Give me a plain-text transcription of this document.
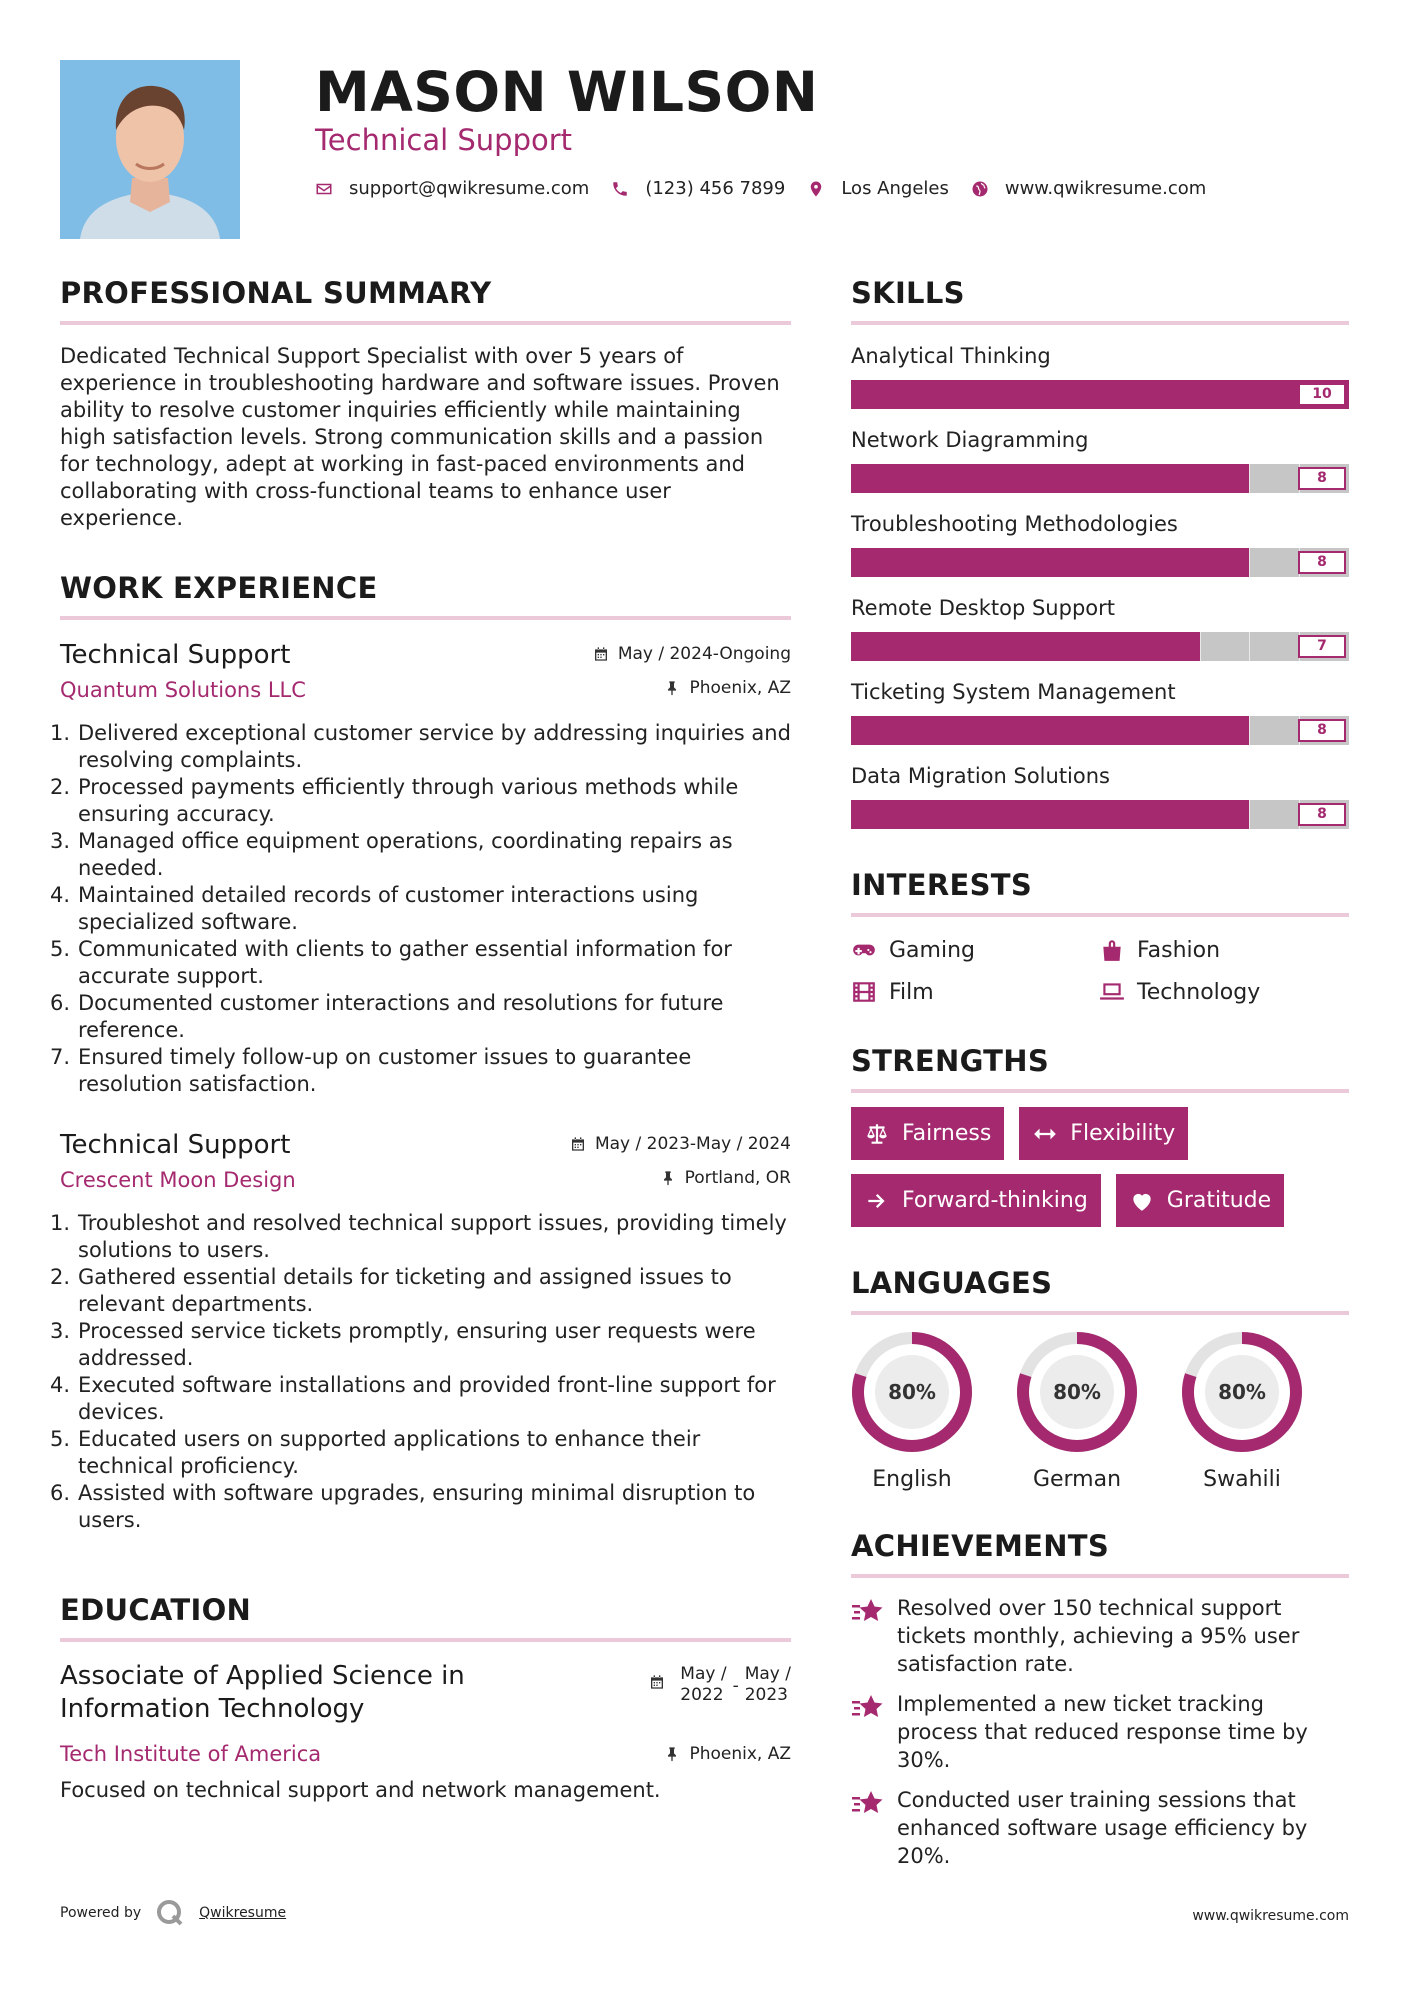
MASON WILSON
Technical Support
support@qwikresume.com	(123) 456 7899	Los Angeles	www.qwikresume.com
PROFESSIONAL SUMMARY

Dedicated Technical Support Specialist with over 5 years of experience in troubleshooting hardware and software issues. Proven ability to resolve customer inquiries efficiently while maintaining high satisfaction levels. Strong communication skills and a passion for technology, adept at working in fast-paced environments and collaborating with cross-functional teams to enhance user experience.

WORK EXPERIENCE
Technical Support
Quantum Solutions LLC
May / 2024-Ongoing
Phoenix, AZ
1. Delivered exceptional customer service by addressing inquiries and resolving complaints.
2. Processed payments efficiently through various methods while ensuring accuracy.
3. Managed office equipment operations, coordinating repairs as needed.
4. Maintained detailed records of customer interactions using specialized software.
5. Communicated with clients to gather essential information for accurate support.
6. Documented customer interactions and resolutions for future reference.
7. Ensured timely follow-up on customer issues to guarantee resolution satisfaction.
Technical Support
Crescent Moon Design
May / 2023-May / 2024
Portland, OR
1. Troubleshot and resolved technical support issues, providing timely solutions to users.
2. Gathered essential details for ticketing and assigned issues to relevant departments.
3. Processed service tickets promptly, ensuring user requests were addressed.
4. Executed software installations and provided front-line support for devices.
5. Educated users on supported applications to enhance their technical proficiency.
6. Assisted with software upgrades, ensuring minimal disruption to users.
EDUCATION
Associate of Applied Science in Information Technology
May /
2022 -
May /
2023
Tech Institute of America	Phoenix, AZ
Focused on technical support and network management.
SKILLS
Analytical Thinking
10
Network Diagramming
8
Troubleshooting Methodologies
8
Remote Desktop Support
7
Ticketing System Management
8
Data Migration Solutions
8
INTERESTS
Gaming	Fashion
Film	Technology
STRENGTHS
Fairness	Flexibility
Forward-thinking	Gratitude
LANGUAGES
80%
English
80%
German
80%
Swahili
ACHIEVEMENTS
Resolved over 150 technical support tickets monthly, achieving a 95% user satisfaction rate.
Implemented a new ticket tracking process that reduced response time by 30%.
Conducted user training sessions that enhanced software usage efficiency by 20%.
Powered by	Qwikresume	www.qwikresume.com
